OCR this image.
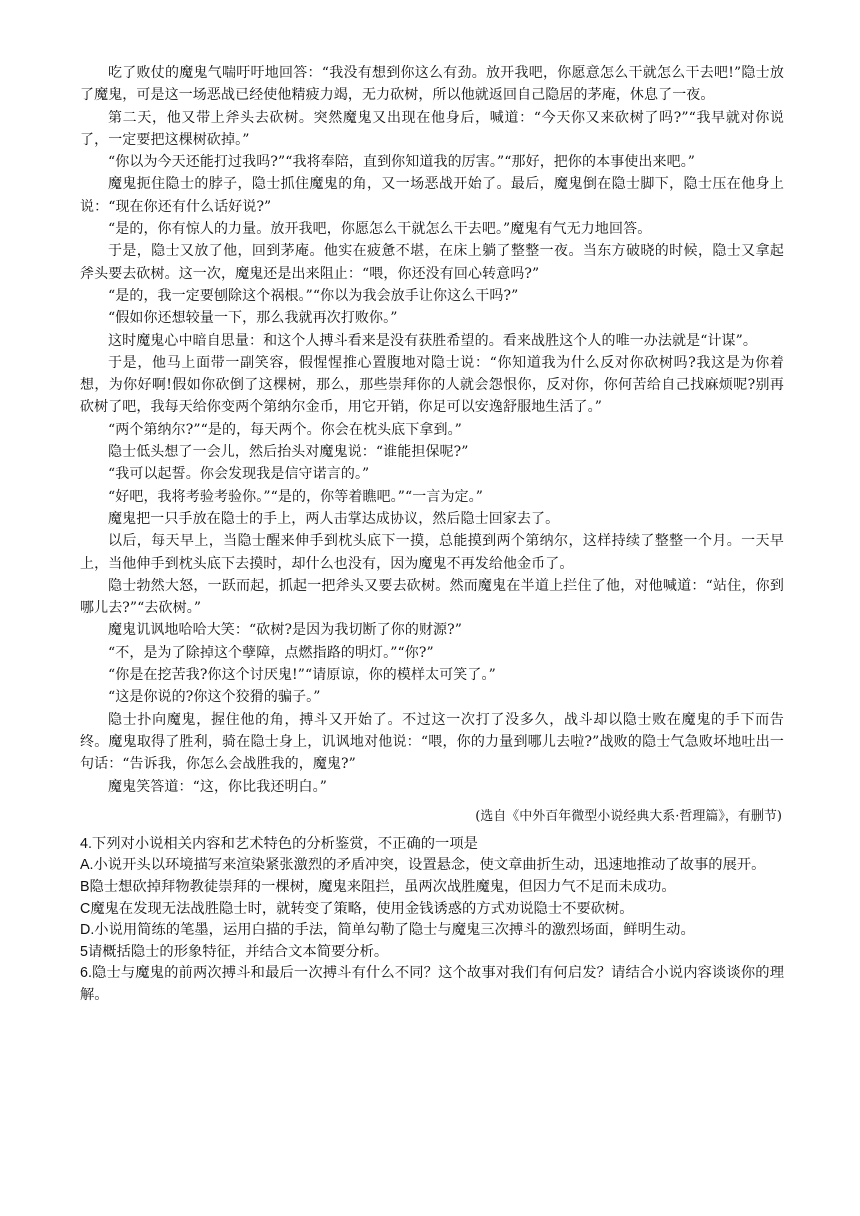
吃了败仗的魔鬼气喘吁吁地回答：“我没有想到你这么有劲。放开我吧，你愿意怎么干就怎么干去吧!”隐士放了魔鬼，可是这一场恶战已经使他精疲力竭，无力砍树，所以他就返回自己隐居的茅庵，休息了一夜。

第二天，他又带上斧头去砍树。突然魔鬼又出现在他身后，喊道：“今天你又来砍树了吗?”“我早就对你说了，一定要把这棵树砍掉。”

“你以为今天还能打过我吗?”“我将奉陪，直到你知道我的厉害。”“那好，把你的本事使出来吧。”

魔鬼扼住隐士的脖子，隐士抓住魔鬼的角，又一场恶战开始了。最后，魔鬼倒在隐士脚下，隐士压在他身上说：“现在你还有什么话好说?”

“是的，你有惊人的力量。放开我吧，你愿怎么干就怎么干去吧。”魔鬼有气无力地回答。

于是，隐士又放了他，回到茅庵。他实在疲惫不堪，在床上躺了整整一夜。当东方破晓的时候，隐士又拿起斧头要去砍树。这一次，魔鬼还是出来阻止：“喂，你还没有回心转意吗?”

“是的，我一定要刨除这个祸根。”“你以为我会放手让你这么干吗?”

“假如你还想较量一下，那么我就再次打败你。”

这时魔鬼心中暗自思量：和这个人搏斗看来是没有获胜希望的。看来战胜这个人的唯一办法就是“计谋”。

于是，他马上面带一副笑容，假惺惺推心置腹地对隐士说：“你知道我为什么反对你砍树吗?我这是为你着想，为你好啊!假如你砍倒了这棵树，那么，那些崇拜你的人就会怨恨你，反对你，你何苦给自己找麻烦呢?别再砍树了吧，我每天给你变两个第纳尔金币，用它开销，你足可以安逸舒服地生活了。”

“两个第纳尔?”“是的，每天两个。你会在枕头底下拿到。”

隐士低头想了一会儿，然后抬头对魔鬼说：“谁能担保呢?”

“我可以起誓。你会发现我是信守诺言的。”

“好吧，我将考验考验你。”“是的，你等着瞧吧。”“一言为定。”

魔鬼把一只手放在隐士的手上，两人击掌达成协议，然后隐士回家去了。

以后，每天早上，当隐士醒来伸手到枕头底下一摸，总能摸到两个第纳尔，这样持续了整整一个月。一天早上，当他伸手到枕头底下去摸时，却什么也没有，因为魔鬼不再发给他金币了。

隐士勃然大怒，一跃而起，抓起一把斧头又要去砍树。然而魔鬼在半道上拦住了他，对他喊道：“站住，你到哪儿去?”“去砍树。”

魔鬼讥讽地哈哈大笑：“砍树?是因为我切断了你的财源?”

“不，是为了除掉这个孽障，点燃指路的明灯。”“你?”

“你是在挖苦我?你这个讨厌鬼!”“请原谅，你的模样太可笑了。”

“这是你说的?你这个狡猾的骗子。”

隐士扑向魔鬼，握住他的角，搏斗又开始了。不过这一次打了没多久，战斗却以隐士败在魔鬼的手下而告终。魔鬼取得了胜利，骑在隐士身上，讥讽地对他说：“喂，你的力量到哪儿去啦?”战败的隐士气急败坏地吐出一句话：“告诉我，你怎么会战胜我的，魔鬼?”

魔鬼笑答道：“这，你比我还明白。”

(选自《中外百年微型小说经典大系·哲理篇》，有删节)

4.下列对小说相关内容和艺术特色的分析鉴赏，不正确的一项是

A.小说开头以环境描写来渲染紧张激烈的矛盾冲突，设置悬念，使文章曲折生动，迅速地推动了故事的展开。

B隐士想砍掉拜物教徒崇拜的一棵树，魔鬼来阻拦，虽两次战胜魔鬼，但因力气不足而未成功。

C魔鬼在发现无法战胜隐士时，就转变了策略，使用金钱诱惑的方式劝说隐士不要砍树。

D.小说用简练的笔墨，运用白描的手法，简单勾勒了隐士与魔鬼三次搏斗的激烈场面，鲜明生动。

5请概括隐士的形象特征，并结合文本简要分析。

6.隐士与魔鬼的前两次搏斗和最后一次搏斗有什么不同？这个故事对我们有何启发？请结合小说内容谈谈你的理解。
